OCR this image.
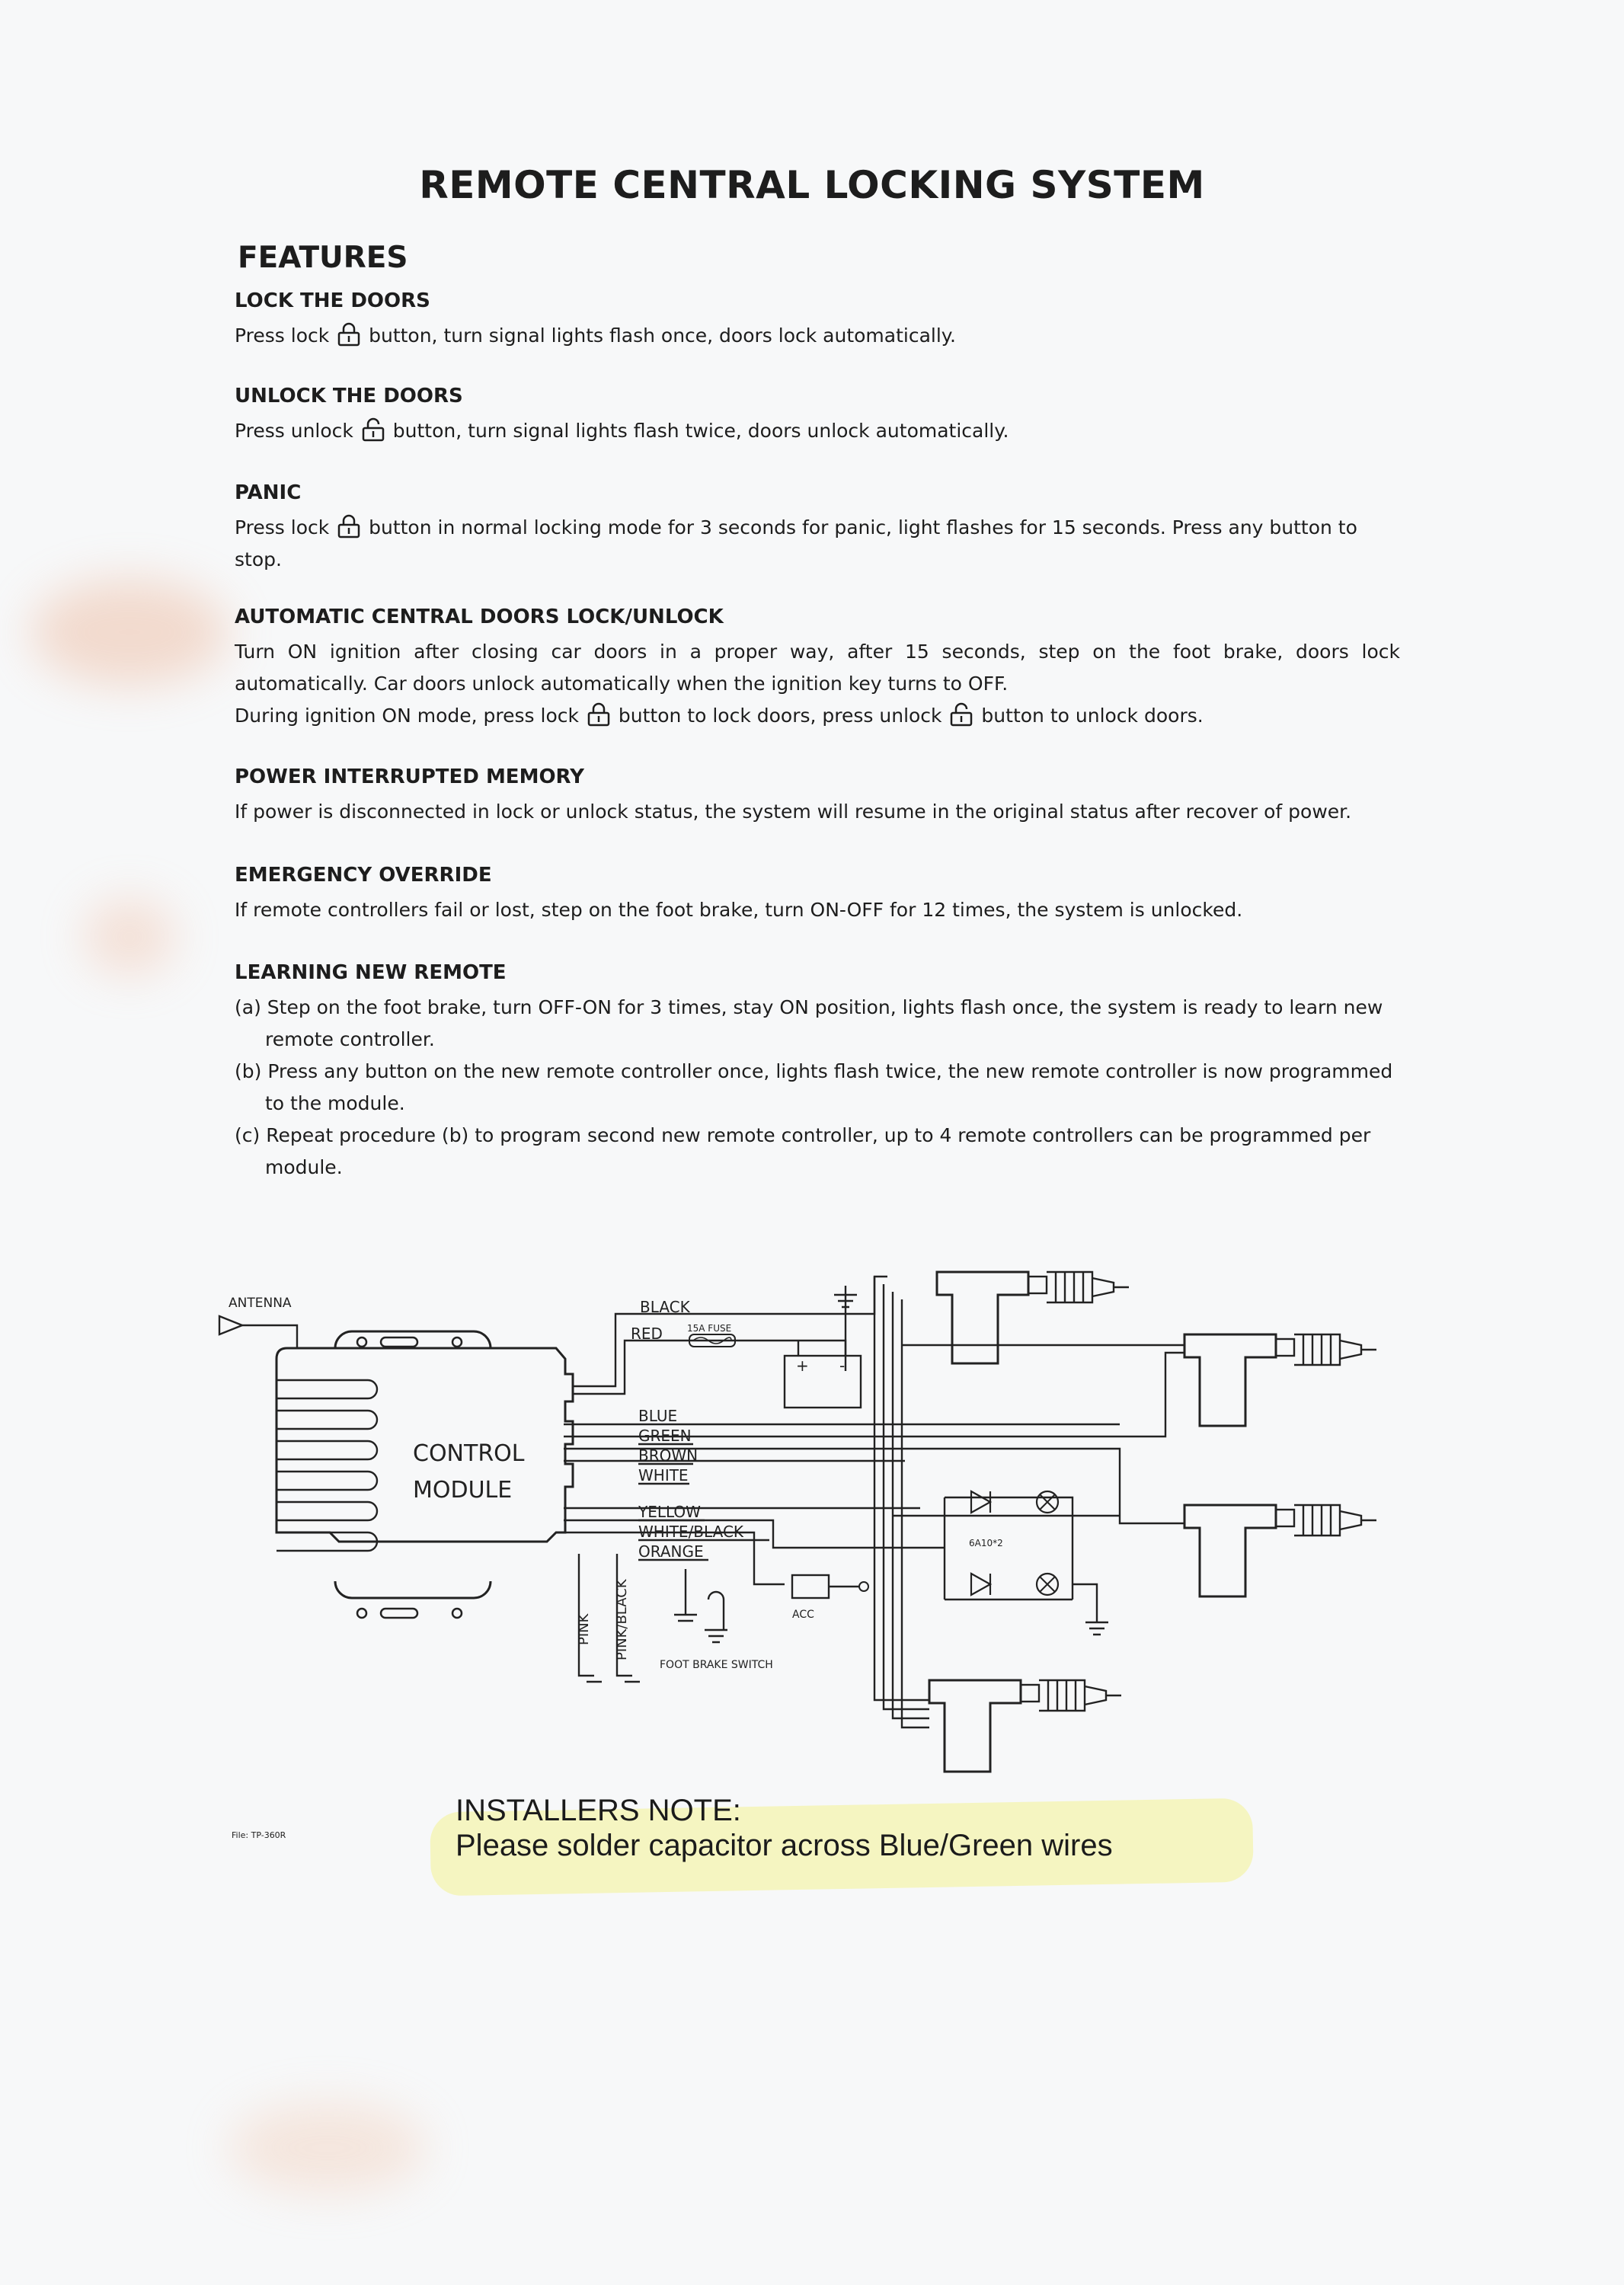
REMOTE CENTRAL LOCKING SYSTEM
FEATURES
LOCK THE DOORS

Press lock  button, turn signal lights flash once, doors lock automatically.

UNLOCK THE DOORS

Press unlock  button, turn signal lights flash twice, doors unlock automatically.

PANIC

Press lock  button in normal locking mode for 3 seconds for panic, light flashes for 15 seconds. Press any button to stop.

AUTOMATIC CENTRAL DOORS LOCK/UNLOCK

Turn ON ignition after closing car doors in a proper way, after 15 seconds, step on the foot brake, doors lock automatically. Car doors unlock automatically when the ignition key turns to OFF.

During ignition ON mode, press lock  button to lock doors, press unlock  button to unlock doors.

POWER INTERRUPTED MEMORY

If power is disconnected in lock or unlock status, the system will resume in the original status after recover of power.

EMERGENCY OVERRIDE

If remote controllers fail or lost, step on the foot brake, turn ON-OFF for 12 times, the system is unlocked.

LEARNING NEW REMOTE

(a) Step on the foot brake, turn OFF-ON for 3 times, stay ON position, lights flash once, the system is ready to learn new remote controller.

(b) Press any button on the new remote controller once, lights flash twice, the new remote controller is now programmed to the module.

(c) Repeat procedure (b) to program second new remote controller, up to 4 remote controllers can be programmed per module.

ANTENNA
CONTROL
MODULE
BLACK
RED	15A FUSE
+ -
BLUE
GREEN
BROWN
WHITE
YELLOW
WHITE/BLACK
ORANGE
ACC
FOOT BRAKE SWITCH
PINK PINK/BLACK
6A10*2
File: TP-360R
INSTALLERS NOTE:
Please solder capacitor across Blue/Green wires
